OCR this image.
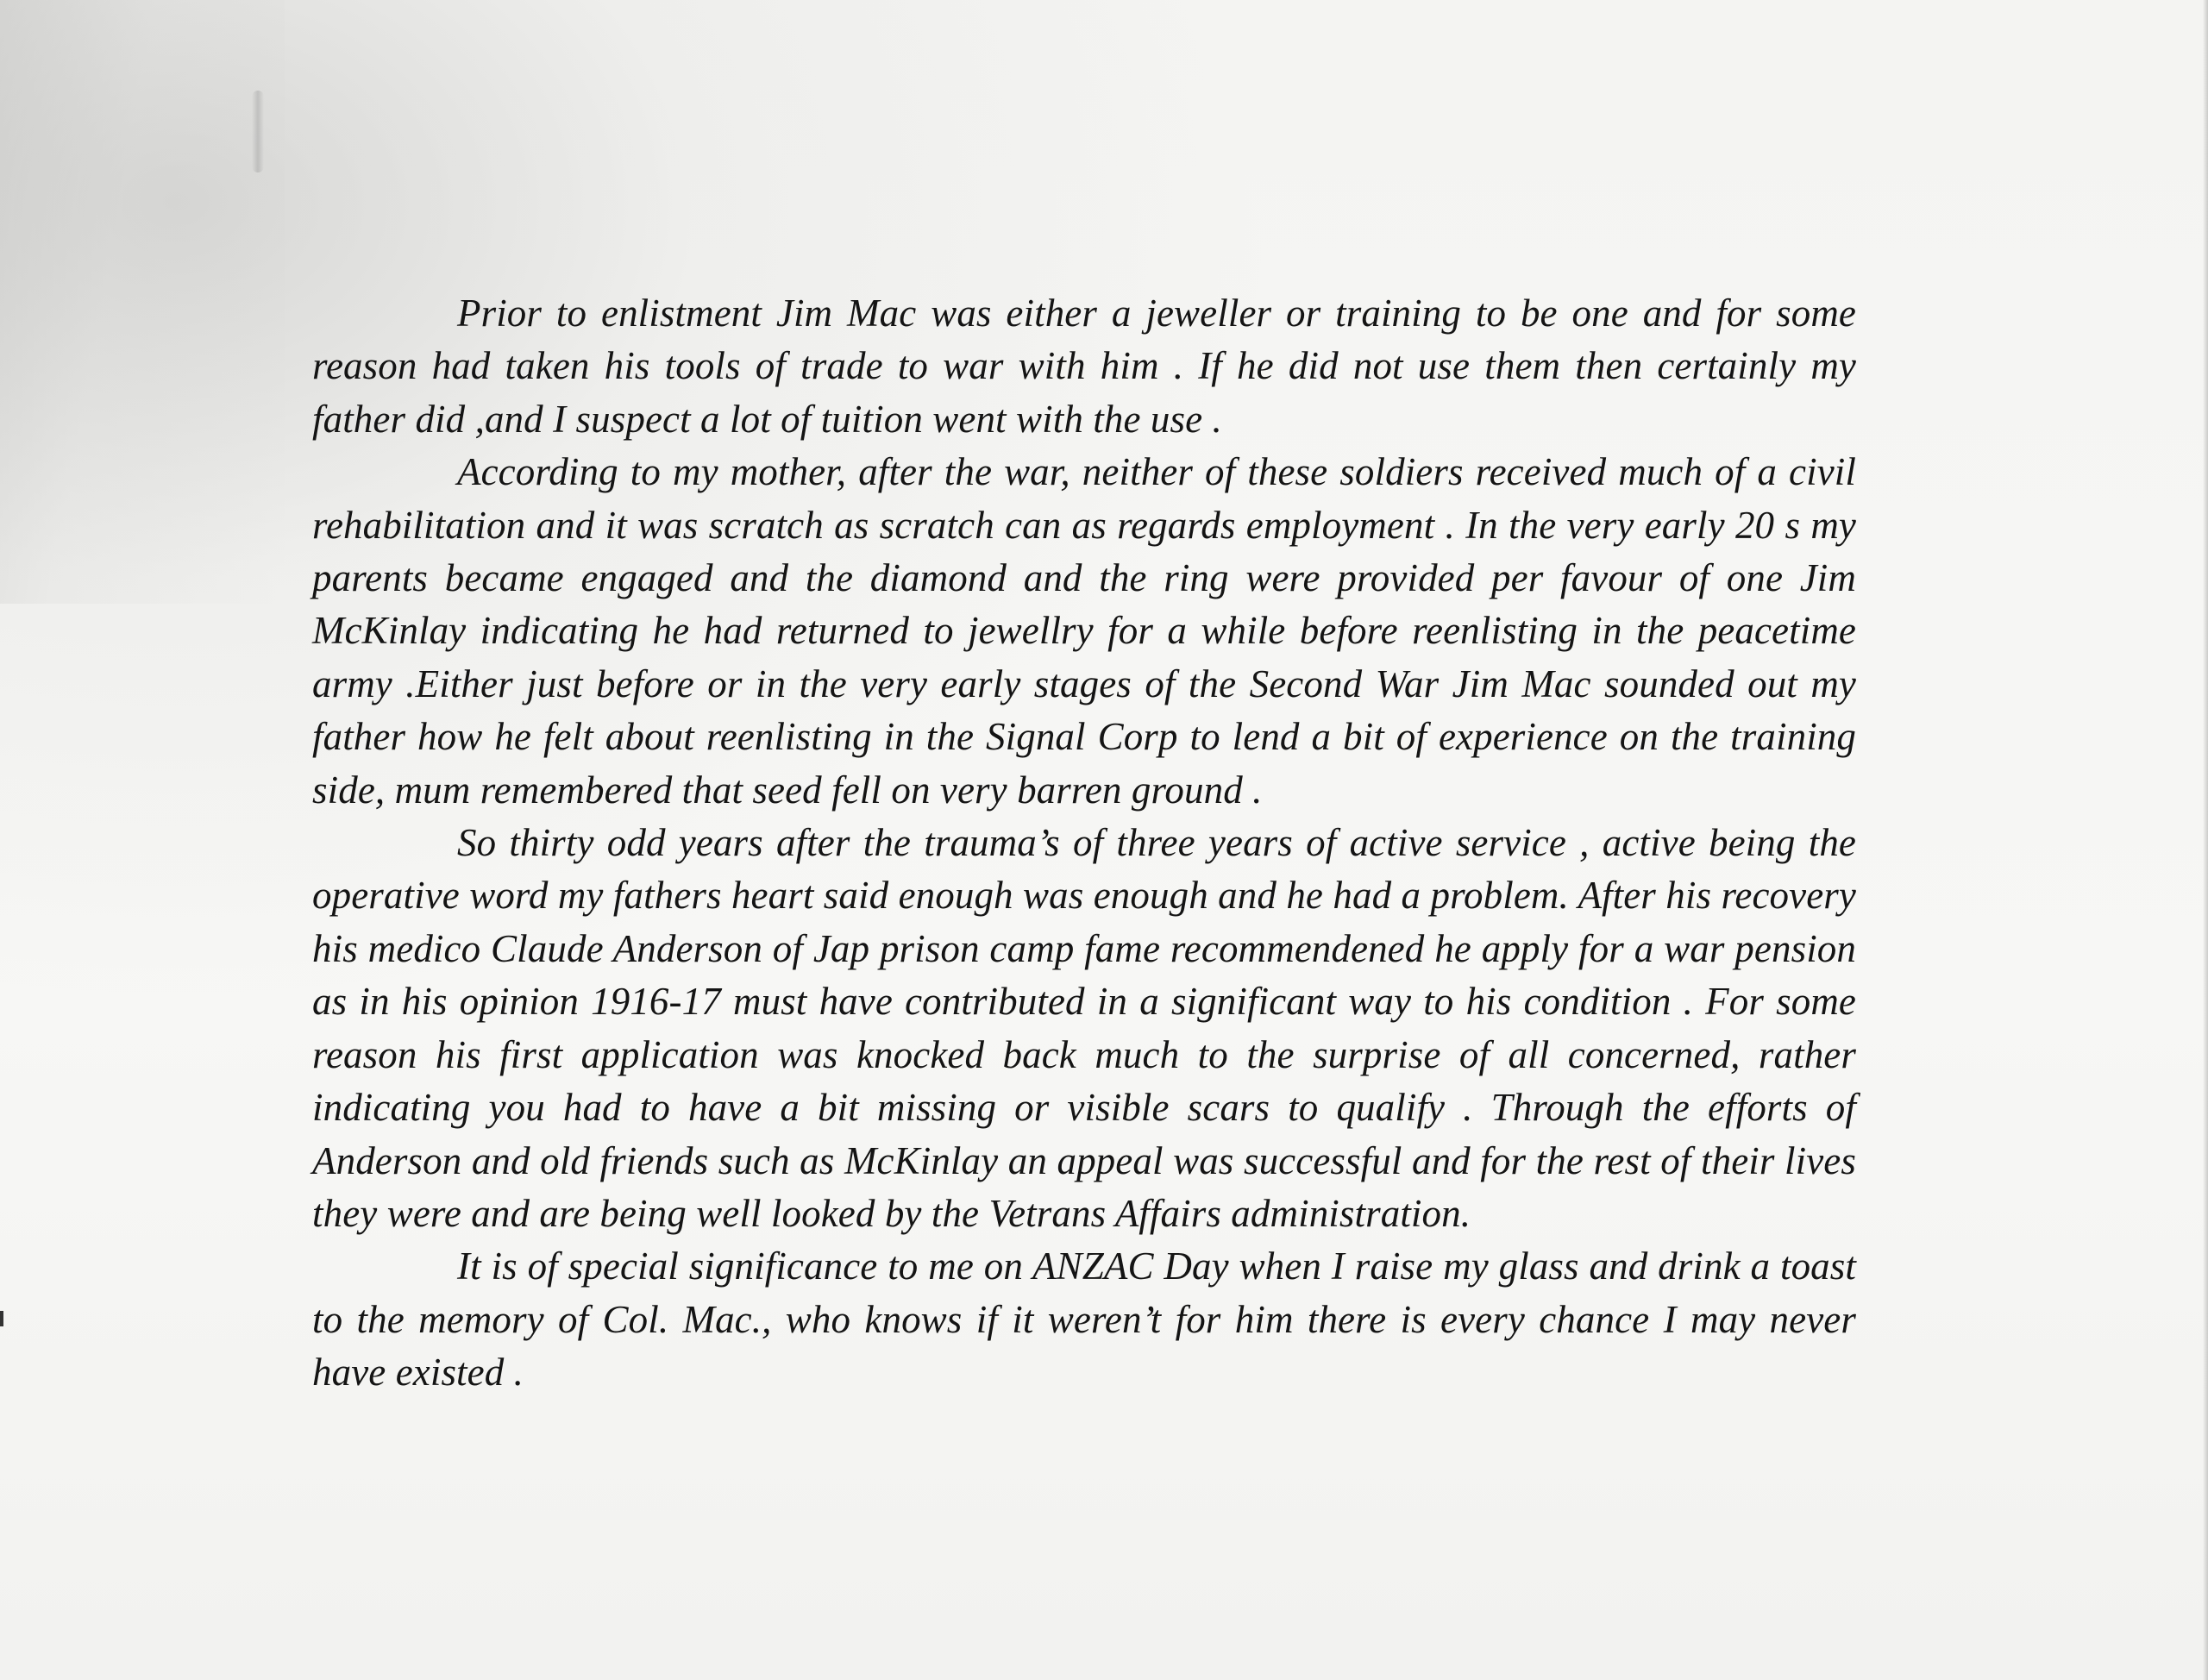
Prior to enlistment Jim Mac was either a jeweller or training to be one and for some reason had taken his tools of trade to war with him . If he did not use them then certainly my father did ,and I suspect a lot of tuition went with the use .

According to my mother, after the war, neither of these soldiers received much of a civil rehabilitation and it was scratch as scratch can as regards employment . In the very early 20 s my parents became engaged and the diamond and the ring were provided per favour of one Jim McKinlay indicating he had returned to jewellry for a while before reenlisting in the peacetime army .Either just before or in the very early stages of the Second War Jim Mac sounded out my father how he felt about reenlisting in the Signal Corp to lend a bit of experience on the training side, mum remembered that seed fell on very barren ground .

So thirty odd years after the trauma’s of three years of active service , active being the operative word my fathers heart said enough was enough and he had a problem. After his recovery his medico Claude Anderson of Jap prison camp fame recommendened he apply for a war pension as in his opinion 1916-17 must have contributed in a significant way to his condition . For some reason his first application was knocked back much to the surprise of all concerned, rather indicating you had to have a bit missing or visible scars to qualify . Through the efforts of Anderson and old friends such as McKinlay an appeal was successful and for the rest of their lives they were and are being well looked by the Vetrans Affairs administration.

It is of special significance to me on ANZAC Day when I raise my glass and drink a toast to the memory of Col. Mac., who knows if it weren’t for him there is every chance I may never have existed .
